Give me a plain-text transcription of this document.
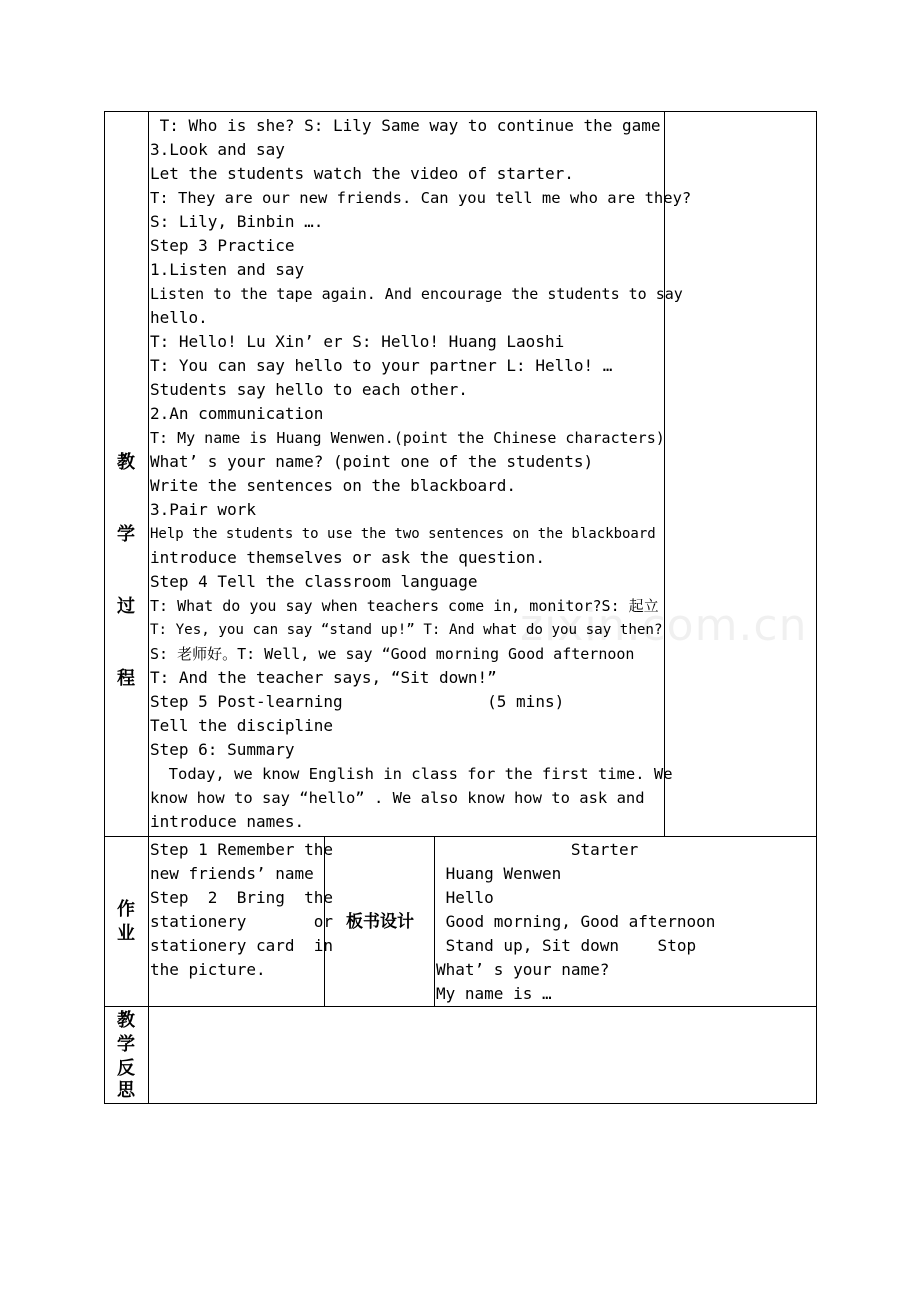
教
学
过
程
T: Who is she? S: Lily Same way to continue the game
3.Look and say
Let the students watch the video of starter.
T: They are our new friends. Can you tell me who are they?
S: Lily, Binbin ….
Step 3 Practice
1.Listen and say
Listen to the tape again. And encourage the students to say
hello.
T: Hello! Lu Xin’ er S: Hello! Huang Laoshi
T: You can say hello to your partner L: Hello! …
Students say hello to each other.
2.An communication
T: My name is Huang Wenwen.(point the Chinese characters)
What’ s your name? (point one of the students)
Write the sentences on the blackboard.
3.Pair work
Help the students to use the two sentences on the blackboard
introduce themselves or ask the question.
Step 4 Tell the classroom language
T: What do you say when teachers come in, monitor?S: 起立
T: Yes, you can say “stand up!” T: And what do you say then?
S: 老师好。T: Well, we say “Good morning Good afternoon
T: And the teacher says, “Sit down!”
Step 5 Post-learning               (5 mins)
Tell the discipline
Step 6: Summary
Today, we know English in class for the first time. We
know how to say “hello” . We also know how to ask and
introduce names.
作
业
Step 1 Remember the
new friends’ name
Step  2  Bring  the
stationery       or
stationery card  in
the picture.
板书设计
Starter
Huang Wenwen
Hello
Good morning, Good afternoon
Stand up, Sit down    Stop
What’ s your name?
My name is …
教
学
反
思
zixin.com.cn
